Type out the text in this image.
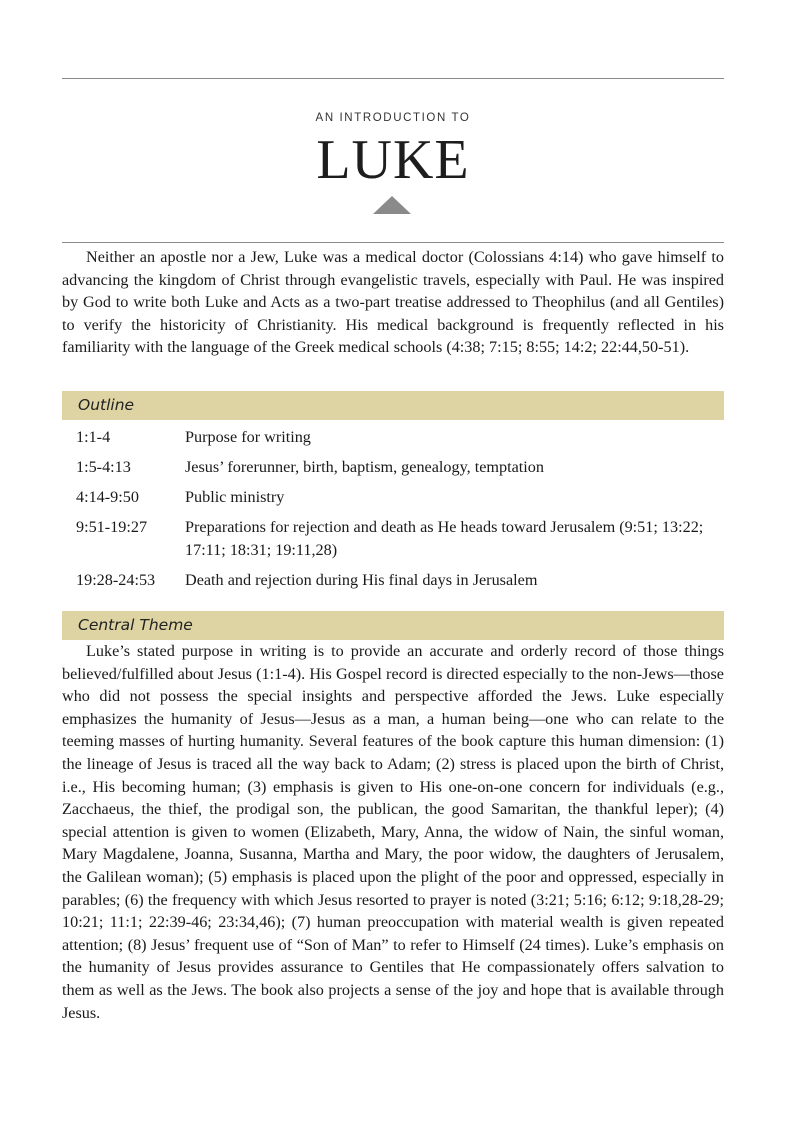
AN INTRODUCTION TO
LUKE

Neither an apostle nor a Jew, Luke was a medical doctor (Colossians 4:14) who gave himself to advancing the kingdom of Christ through evangelistic travels, especially with Paul. He was inspired by God to write both Luke and Acts as a two-part treatise addressed to Theophilus (and all Gentiles) to verify the historicity of Christianity. His medical background is frequently reflected in his familiarity with the language of the Greek medical schools (4:38; 7:15; 8:55; 14:2; 22:44,50-51).

Outline
1:1-4	Purpose for writing
1:5-4:13	Jesus’ forerunner, birth, baptism, genealogy, temptation
4:14-9:50	Public ministry
9:51-19:27	Preparations for rejection and death as He heads toward Jerusalem (9:51; 13:22; 17:11; 18:31; 19:11,28)
19:28-24:53	Death and rejection during His final days in Jerusalem
Central Theme

Luke’s stated purpose in writing is to provide an accurate and orderly record of those things believed/fulfilled about Jesus (1:1-4). His Gospel record is directed especially to the non-Jews—those who did not possess the special insights and perspective afforded the Jews. Luke especially emphasizes the humanity of Jesus—Jesus as a man, a human being—one who can relate to the teeming masses of hurting humanity. Several features of the book capture this human dimension: (1) the lineage of Jesus is traced all the way back to Adam; (2) stress is placed upon the birth of Christ, i.e., His becoming human; (3) emphasis is given to His one-on-one concern for individuals (e.g., Zacchaeus, the thief, the prodigal son, the publican, the good Samaritan, the thankful leper); (4) special attention is given to women (Elizabeth, Mary, Anna, the widow of Nain, the sinful woman, Mary Magdalene, Joanna, Susanna, Martha and Mary, the poor widow, the daughters of Jerusalem, the Galilean woman); (5) emphasis is placed upon the plight of the poor and oppressed, especially in parables; (6) the frequency with which Jesus resorted to prayer is noted (3:21; 5:16; 6:12; 9:18,28-29; 10:21; 11:1; 22:39-46; 23:34,46); (7) human preoccupation with material wealth is given repeated attention; (8) Jesus’ frequent use of “Son of Man” to refer to Himself (24 times). Luke’s emphasis on the humanity of Jesus provides assurance to Gentiles that He compassionately offers salvation to them as well as the Jews. The book also projects a sense of the joy and hope that is available through Jesus.
